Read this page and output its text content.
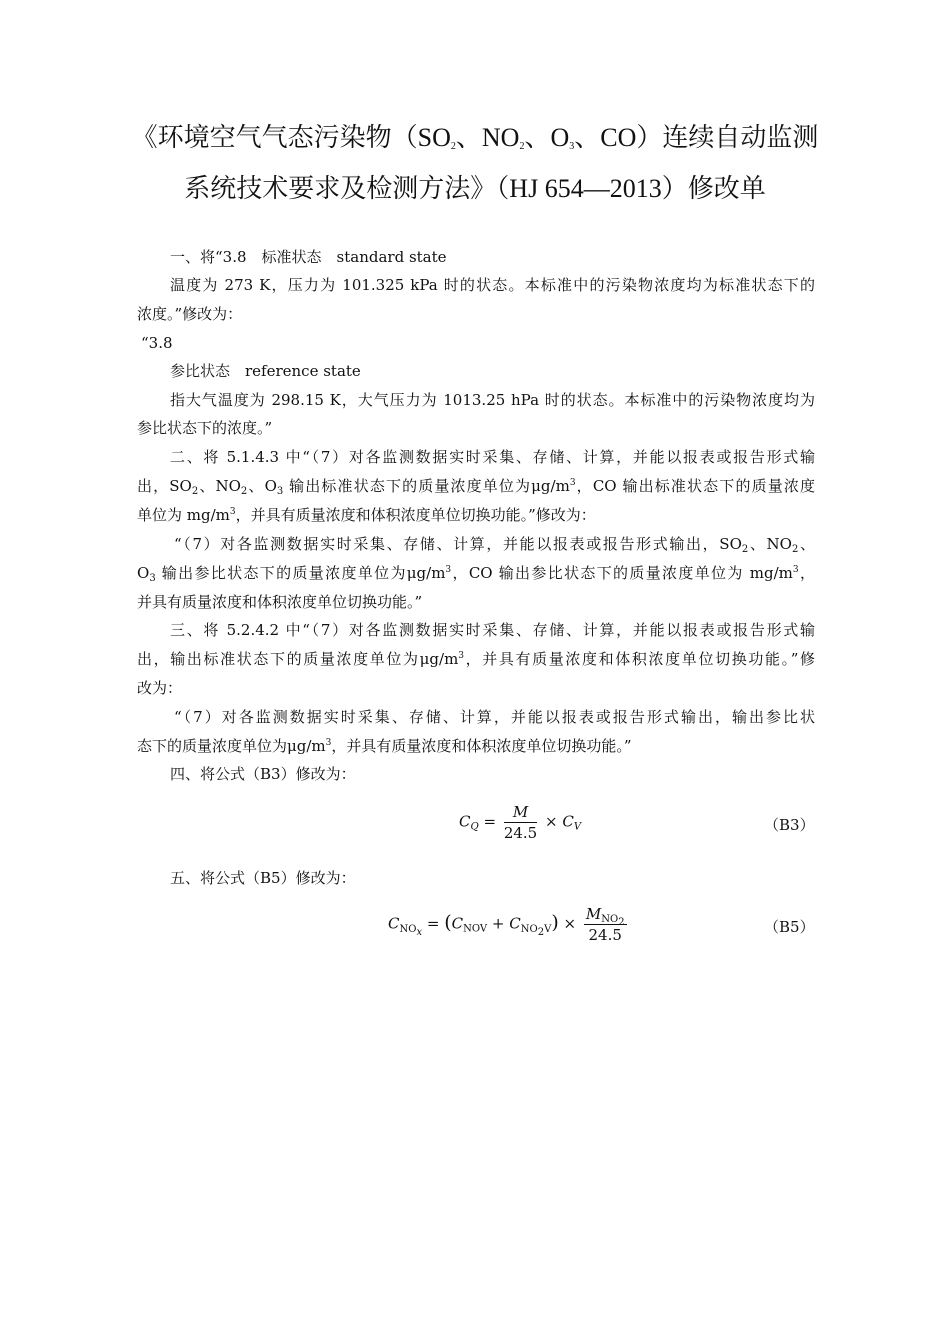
《环境空气气态污染物（$SO_2$、$NO_2$、$O_3$、CO）连续自动监测
系统技术要求及检测方法》（HJ 654—2013）修改单
一、将“3.8　标准状态　standard state
温度为 273 K，压力为 101.325 kPa 时的状态。本标准中的污染物浓度均为标准状态下的
浓度。”修改为：
“3.8
参比状态　reference state
指大气温度为 298.15 K，大气压力为 1013.25 hPa 时的状态。本标准中的污染物浓度均为
参比状态下的浓度。”
二、将 5.1.4.3 中“（7）对各监测数据实时采集、存储、计算，并能以报表或报告形式输
出，$SO_2$、$NO_2$、$O_3$ 输出标准状态下的质量浓度单位为$\mu g/m^3$，CO 输出标准状态下的质量浓度
单位为 $mg/m^3$，并具有质量浓度和体积浓度单位切换功能。”修改为：
“（7）对各监测数据实时采集、存储、计算，并能以报表或报告形式输出，$SO_2$、$NO_2$、
$O_3$ 输出参比状态下的质量浓度单位为$\mu g/m^3$，CO 输出参比状态下的质量浓度单位为 $mg/m^3$，
并具有质量浓度和体积浓度单位切换功能。”
三、将 5.2.4.2 中“（7）对各监测数据实时采集、存储、计算，并能以报表或报告形式输
出，输出标准状态下的质量浓度单位为$\mu g/m^3$，并具有质量浓度和体积浓度单位切换功能。”修
改为：
“（7）对各监测数据实时采集、存储、计算，并能以报表或报告形式输出，输出参比状
态下的质量浓度单位为$\mu g/m^3$，并具有质量浓度和体积浓度单位切换功能。”
四、将公式（B3）修改为：
$C_Q = \frac{M}{24.5} \times C_V$	（B3）
五、将公式（B5）修改为：
$C_{NO_x} = (C_{NOV} + C_{NO_2V}) \times \frac{M_{NO_2}}{24.5}$	（B5）
